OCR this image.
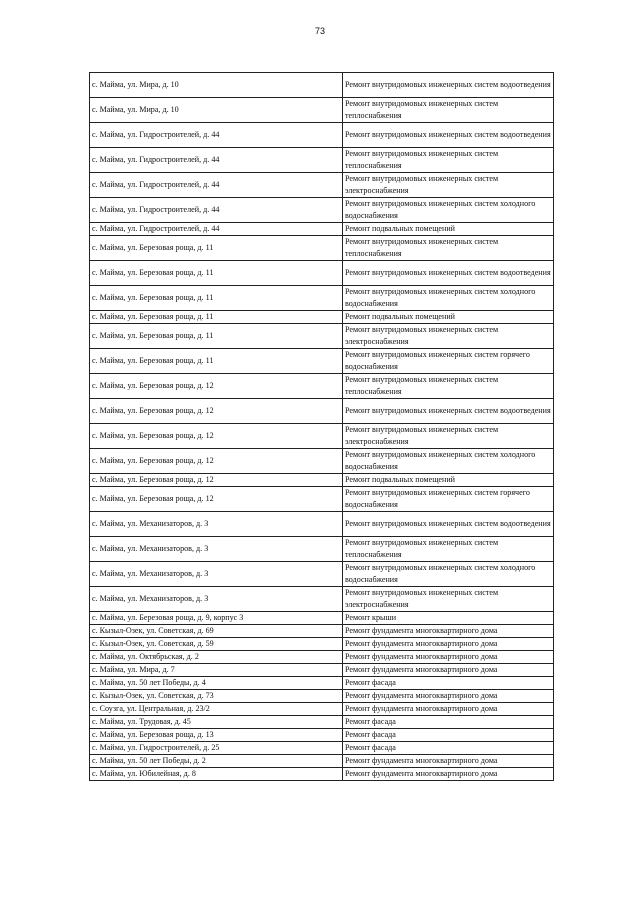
73
с. Майма, ул. Мира, д. 10	Ремонт внутридомовых инженерных систем водоотведения
с. Майма, ул. Мира, д. 10	Ремонт внутридомовых инженерных систем теплоснабжения
с. Майма, ул. Гидростроителей, д. 44	Ремонт внутридомовых инженерных систем водоотведения
с. Майма, ул. Гидростроителей, д. 44	Ремонт внутридомовых инженерных систем теплоснабжения
с. Майма, ул. Гидростроителей, д. 44	Ремонт внутридомовых инженерных систем электроснабжения
с. Майма, ул. Гидростроителей, д. 44	Ремонт внутридомовых инженерных систем холодного водоснабжения
с. Майма, ул. Гидростроителей, д. 44	Ремонт подвальных помещений
с. Майма, ул. Березовая роща, д. 11	Ремонт внутридомовых инженерных систем теплоснабжения
с. Майма, ул. Березовая роща, д. 11	Ремонт внутридомовых инженерных систем водоотведения
с. Майма, ул. Березовая роща, д. 11	Ремонт внутридомовых инженерных систем холодного водоснабжения
с. Майма, ул. Березовая роща, д. 11	Ремонт подвальных помещений
с. Майма, ул. Березовая роща, д. 11	Ремонт внутридомовых инженерных систем электроснабжения
с. Майма, ул. Березовая роща, д. 11	Ремонт внутридомовых инженерных систем горячего водоснабжения
с. Майма, ул. Березовая роща, д. 12	Ремонт внутридомовых инженерных систем теплоснабжения
с. Майма, ул. Березовая роща, д. 12	Ремонт внутридомовых инженерных систем водоотведения
с. Майма, ул. Березовая роща, д. 12	Ремонт внутридомовых инженерных систем электроснабжения
с. Майма, ул. Березовая роща, д. 12	Ремонт внутридомовых инженерных систем холодного водоснабжения
с. Майма, ул. Березовая роща, д. 12	Ремонт подвальных помещений
с. Майма, ул. Березовая роща, д. 12	Ремонт внутридомовых инженерных систем горячего водоснабжения
с. Майма, ул. Механизаторов, д. 3	Ремонт внутридомовых инженерных систем водоотведения
с. Майма, ул. Механизаторов, д. 3	Ремонт внутридомовых инженерных систем теплоснабжения
с. Майма, ул. Механизаторов, д. 3	Ремонт внутридомовых инженерных систем холодного водоснабжения
с. Майма, ул. Механизаторов, д. 3	Ремонт внутридомовых инженерных систем электроснабжения
с. Майма, ул. Березовая роща, д. 9, корпус 3	Ремонт крыши
с. Кызыл-Озек, ул. Советская, д. 69	Ремонт фундамента многоквартирного дома
с. Кызыл-Озек, ул. Советская, д. 59	Ремонт фундамента многоквартирного дома
с. Майма, ул. Октябрьская, д. 2	Ремонт фундамента многоквартирного дома
с. Майма, ул. Мира, д. 7	Ремонт фундамента многоквартирного дома
с. Майма, ул. 50 лет Победы, д. 4	Ремонт фасада
с. Кызыл-Озек, ул. Советская, д. 73	Ремонт фундамента многоквартирного дома
с. Соузга, ул. Центральная, д. 23/2	Ремонт фундамента многоквартирного дома
с. Майма, ул. Трудовая, д. 45	Ремонт фасада
с. Майма, ул. Березовая роща, д. 13	Ремонт фасада
с. Майма, ул. Гидростроителей, д. 25	Ремонт фасада
с. Майма, ул. 50 лет Победы, д. 2	Ремонт фундамента многоквартирного дома
с. Майма, ул. Юбилейная, д. 8	Ремонт фундамента многоквартирного дома
